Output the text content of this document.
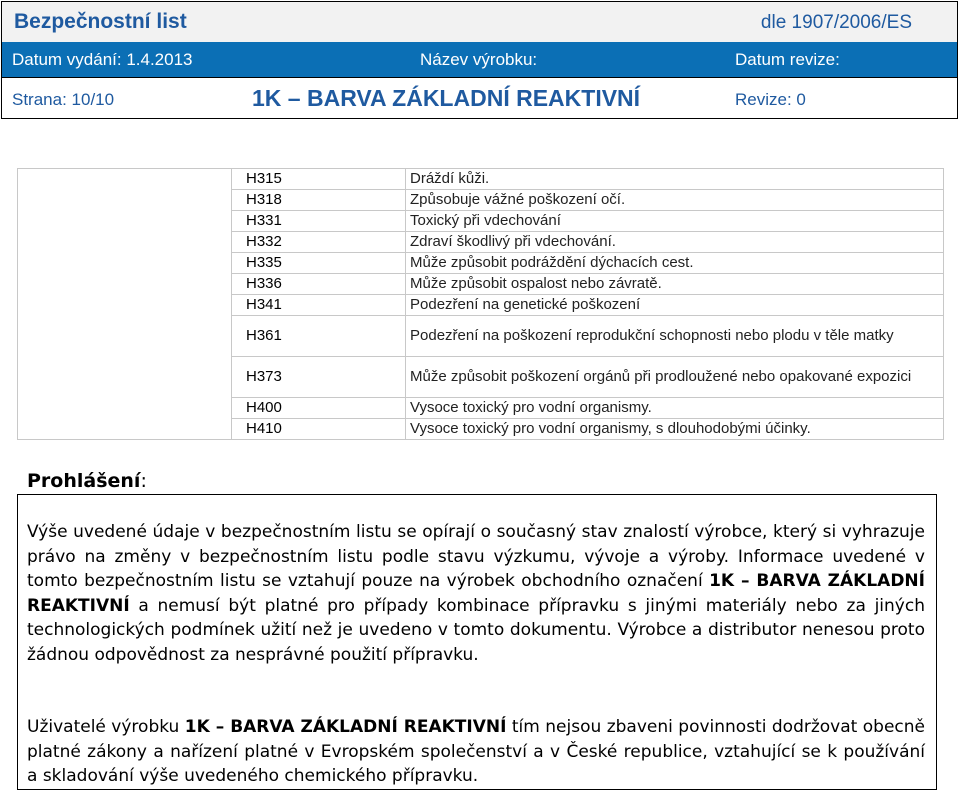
Bezpečnostní list	dle 1907/2006/ES
Datum vydání: 1.4.2013	Název výrobku:	Datum revize:
Strana: 10/10	1K – BARVA ZÁKLADNÍ REAKTIVNÍ	Revize: 0
	H315	Dráždí kůži.
	H318	Způsobuje vážné poškození očí.
	H331	Toxický při vdechování
	H332	Zdraví škodlivý při vdechování.
	H335	Může způsobit podráždění dýchacích cest.
	H336	Může způsobit ospalost nebo závratě.
	H341	Podezření na genetické poškození
	H361	Podezření na poškození reprodukční schopnosti nebo plodu v těle matky
	H373	Může způsobit poškození orgánů při prodloužené nebo opakované expozici
	H400	Vysoce toxický pro vodní organismy.
	H410	Vysoce toxický pro vodní organismy, s dlouhodobými účinky.
Prohlášení:
Výše uvedené údaje v bezpečnostním listu se opírají o současný stav znalostí výrobce, který si vyhrazuje právo na změny v bezpečnostním listu podle stavu výzkumu, vývoje a výroby. Informace uvedené v tomto bezpečnostním listu se vztahují pouze na výrobek obchodního označení 1K – BARVA ZÁKLADNÍ REAKTIVNÍ a nemusí být platné pro případy kombinace přípravku s jinými materiály nebo za jiných technologických podmínek užití než je uvedeno v tomto dokumentu. Výrobce a distributor nenesou proto žádnou odpovědnost za nesprávné použití přípravku.
Uživatelé výrobku 1K – BARVA ZÁKLADNÍ REAKTIVNÍ tím nejsou zbaveni povinnosti dodržovat obecně platné zákony a nařízení platné v Evropském společenství a v České republice, vztahující se k používání a skladování výše uvedeného chemického přípravku.
